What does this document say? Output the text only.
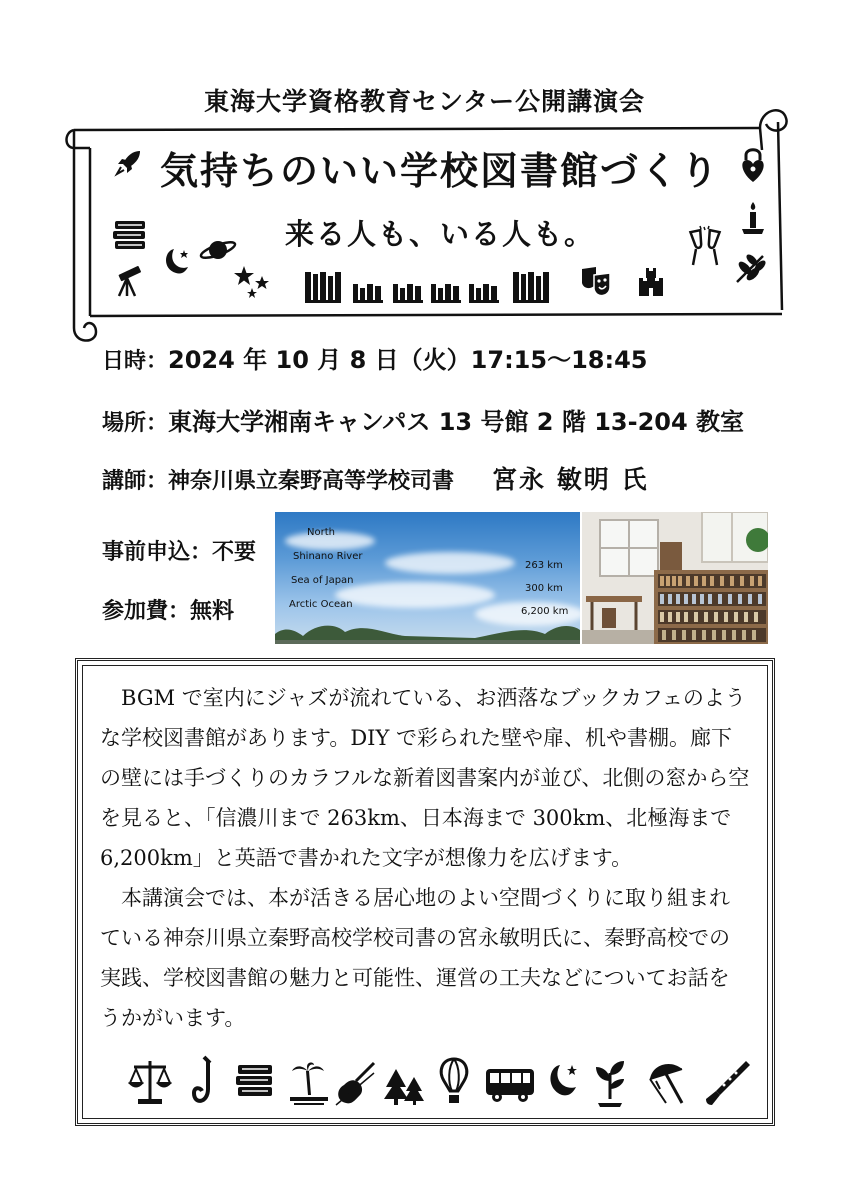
東海大学資格教育センター公開講演会
気持ちのいい学校図書館づくり
来る人も、いる人も。
日時：2024 年 10 月 8 日（火）17:15～18:45
場所：東海大学湘南キャンパス 13 号館 2 階 13-204 教室
講師：神奈川県立秦野高等学校司書 宮永 敏明 氏
事前申込：不要
参加費：無料
North
Shinano River
263 km
Sea of Japan
300 km
Arctic Ocean
6,200 km

BGM で室内にジャズが流れている、お洒落なブックカフェのような学校図書館があります。DIY で彩られた壁や扉、机や書棚。廊下の壁には手づくりのカラフルな新着図書案内が並び、北側の窓から空を見ると、「信濃川まで 263km、日本海まで 300km、北極海まで 6,200km」と英語で書かれた文字が想像力を広げます。

本講演会では、本が活きる居心地のよい空間づくりに取り組まれている神奈川県立秦野高校学校司書の宮永敏明氏に、秦野高校での実践、学校図書館の魅力と可能性、運営の工夫などについてお話をうかがいます。
